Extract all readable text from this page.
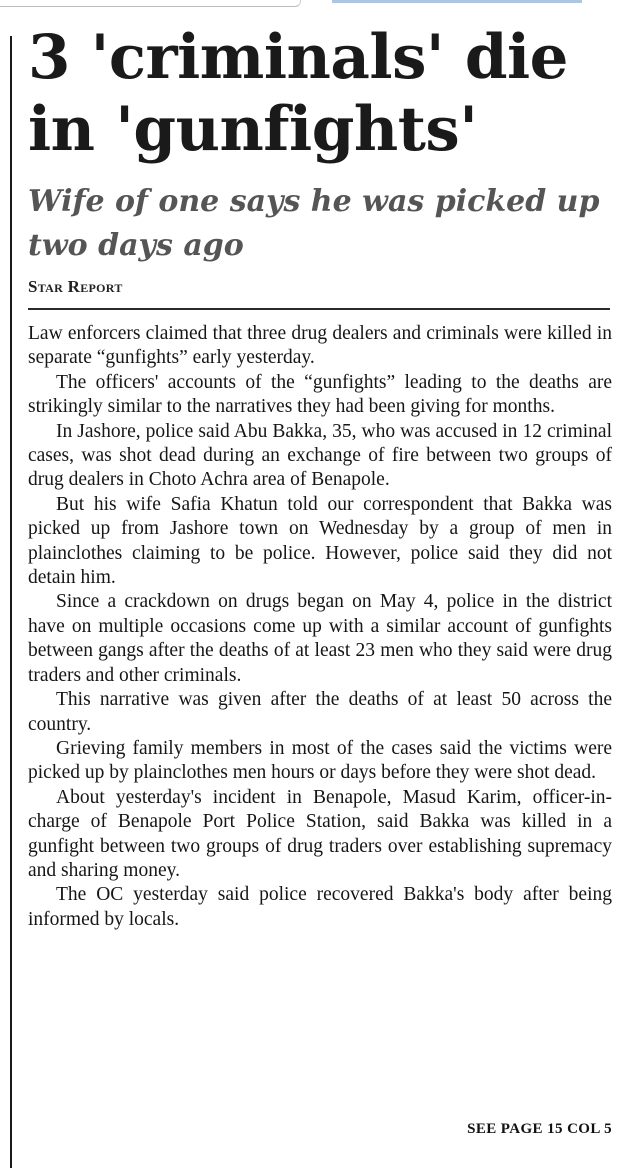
3 'criminals' die in 'gunfights'
Wife of one says he was picked up two days ago
Star Report

Law enforcers claimed that three drug dealers and criminals were killed in separate “gunfights” early yesterday.

The officers' accounts of the “gunfights” leading to the deaths are strikingly similar to the narratives they had been giving for months.

In Jashore, police said Abu Bakka, 35, who was accused in 12 criminal cases, was shot dead during an exchange of fire between two groups of drug dealers in Choto Achra area of Benapole.

But his wife Safia Khatun told our correspondent that Bakka was picked up from Jashore town on Wednesday by a group of men in plainclothes claiming to be police. However, police said they did not detain him.

Since a crackdown on drugs began on May 4, police in the district have on multiple occasions come up with a similar account of gunfights between gangs after the deaths of at least 23 men who they said were drug traders and other criminals.

This narrative was given after the deaths of at least 50 across the country.

Grieving family members in most of the cases said the victims were picked up by plainclothes men hours or days before they were shot dead.

About yesterday's incident in Benapole, Masud Karim, officer-in-charge of Benapole Port Police Station, said Bakka was killed in a gunfight between two groups of drug traders over establishing supremacy and sharing money.

The OC yesterday said police recovered Bakka's body after being informed by locals.

SEE PAGE 15 COL 5
